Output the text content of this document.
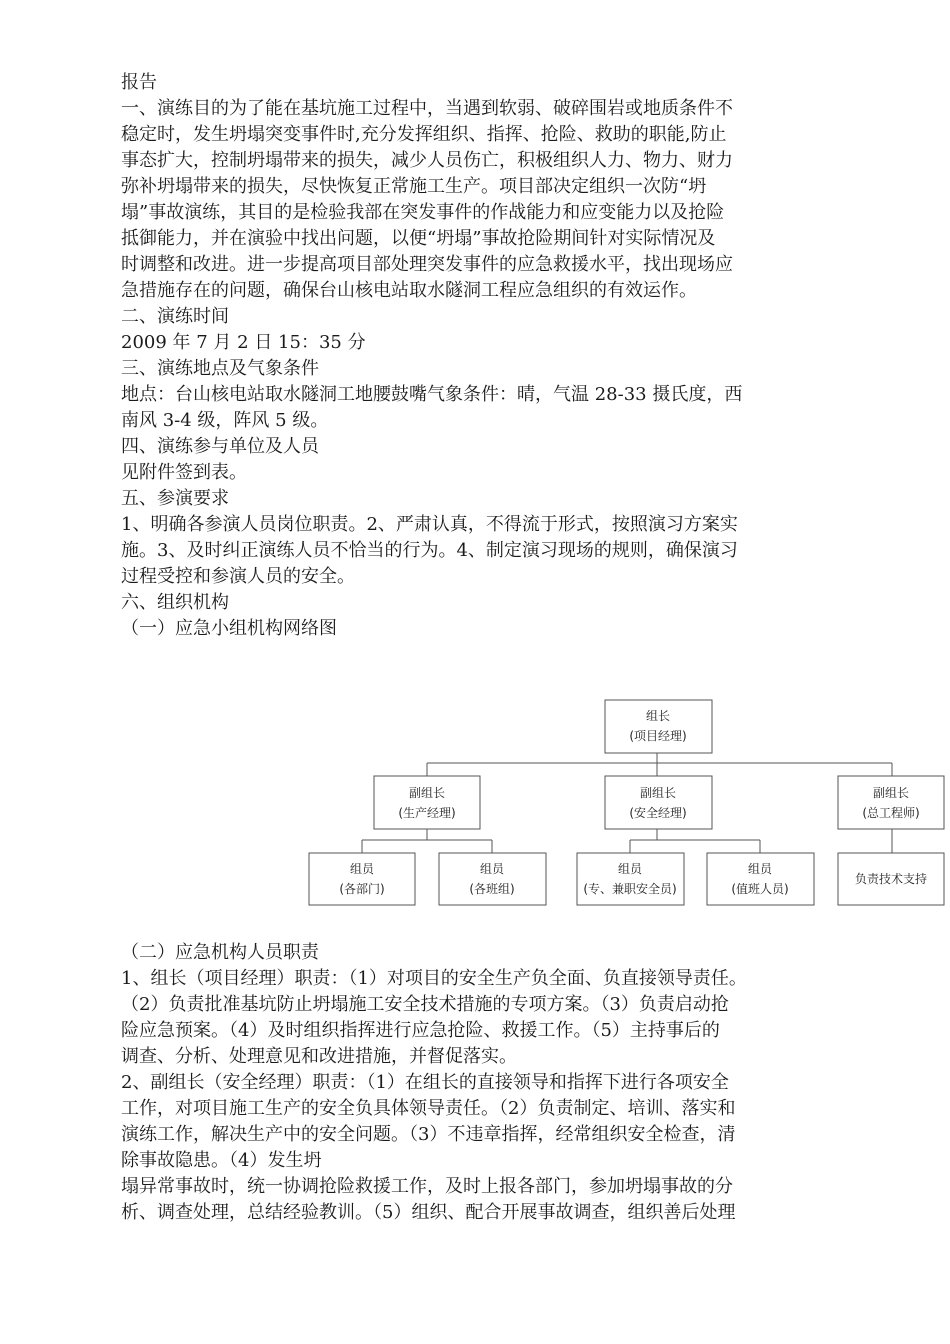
报告
一、演练目的为了能在基坑施工过程中，当遇到软弱、破碎围岩或地质条件不
稳定时，发生坍塌突变事件时,充分发挥组织、指挥、抢险、救助的职能,防止
事态扩大，控制坍塌带来的损失，减少人员伤亡，积极组织人力、物力、财力
弥补坍塌带来的损失，尽快恢复正常施工生产。项目部决定组织一次防“坍
塌”事故演练，其目的是检验我部在突发事件的作战能力和应变能力以及抢险
抵御能力，并在演验中找出问题，以便“坍塌”事故抢险期间针对实际情况及
时调整和改进。进一步提高项目部处理突发事件的应急救援水平，找出现场应
急措施存在的问题，确保台山核电站取水隧洞工程应急组织的有效运作。
二、演练时间
2009 年 7 月 2 日 15：35 分
三、演练地点及气象条件
地点：台山核电站取水隧洞工地腰鼓嘴气象条件：晴，气温 28-33 摄氏度，西
南风 3-4 级，阵风 5 级。
四、演练参与单位及人员
见附件签到表。
五、参演要求
1、明确各参演人员岗位职责。2、严肃认真，不得流于形式，按照演习方案实
施。3、及时纠正演练人员不恰当的行为。4、制定演习现场的规则，确保演习
过程受控和参演人员的安全。
六、组织机构
（一）应急小组机构网络图
组长
(项目经理)
副组长
(生产经理)
副组长
(安全经理)
副组长
(总工程师)
组员
(各部门)
组员
(各班组)
组员
(专、兼职安全员)
组员
(值班人员)
负责技术支持
（二）应急机构人员职责
1、组长（项目经理）职责：（1）对项目的安全生产负全面、负直接领导责任。
（2）负责批准基坑防止坍塌施工安全技术措施的专项方案。（3）负责启动抢
险应急预案。（4）及时组织指挥进行应急抢险、救援工作。（5）主持事后的
调查、分析、处理意见和改进措施，并督促落实。
2、副组长（安全经理）职责：（1）在组长的直接领导和指挥下进行各项安全
工作，对项目施工生产的安全负具体领导责任。（2）负责制定、培训、落实和
演练工作，解决生产中的安全问题。（3）不违章指挥，经常组织安全检查，清
除事故隐患。（4）发生坍
塌异常事故时，统一协调抢险救援工作，及时上报各部门，参加坍塌事故的分
析、调查处理，总结经验教训。（5）组织、配合开展事故调查，组织善后处理
